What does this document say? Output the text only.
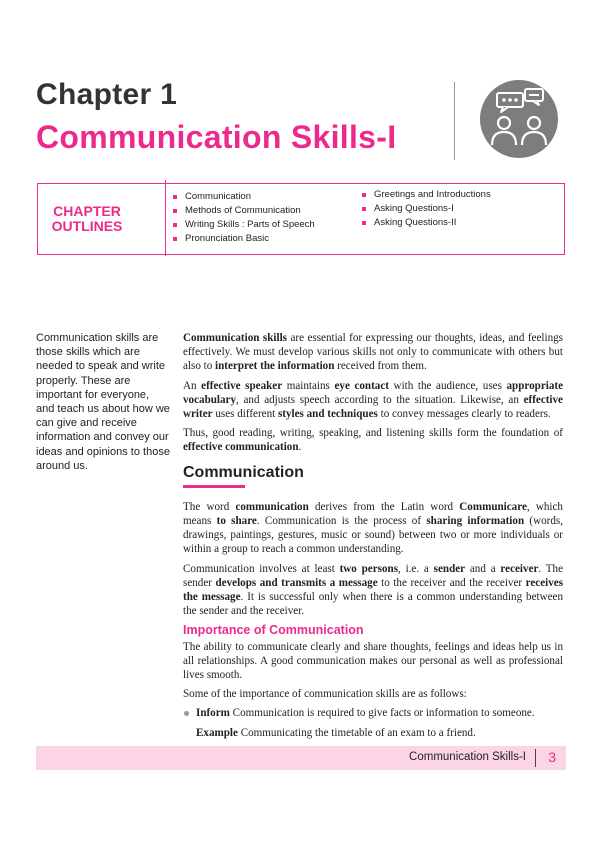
Chapter 1
Communication Skills-I
CHAPTER
OUTLINES
Communication
Methods of Communication
Writing Skills : Parts of Speech
Pronunciation Basic
Greetings and Introductions
Asking Questions-I
Asking Questions-II
Communication skills are those skills which are needed to speak and write properly. These are important for everyone, and teach us about how we can give and receive information and convey our ideas and opinions to those around us.

Communication skills are essential for expressing our thoughts, ideas, and feelings effectively. We must develop various skills not only to communicate with others but also to interpret the information received from them.

An effective speaker maintains eye contact with the audience, uses appropriate vocabulary, and adjusts speech according to the situation. Likewise, an effective writer uses different styles and techniques to convey messages clearly to readers.

Thus, good reading, writing, speaking, and listening skills form the foundation of effective communication.

Communication

The word communication derives from the Latin word Communicare, which means to share. Communication is the process of sharing information (words, drawings, paintings, gestures, music or sound) between two or more individuals or within a group to reach a common understanding.

Communication involves at least two persons, i.e. a sender and a receiver. The sender develops and transmits a message to the receiver and the receiver receives the message. It is successful only when there is a common understanding between the sender and the receiver.

Importance of Communication

The ability to communicate clearly and share thoughts, feelings and ideas help us in all relationships. A good communication makes our personal as well as professional lives smooth.

Some of the importance of communication skills are as follows:

Inform Communication is required to give facts or information to someone.

Example Communicating the timetable of an exam to a friend.

Communication Skills-I 3
